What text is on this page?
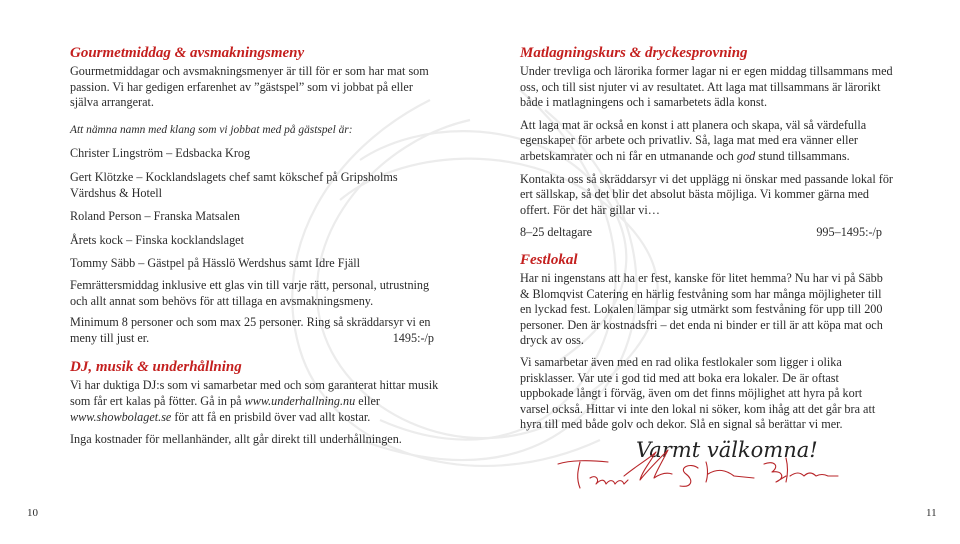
Gourmetmiddag & avsmakningsmeny

Gourmetmiddagar och avsmakningsmenyer är till för er som har mat som passion. Vi har gedigen erfarenhet av ”gästspel” som vi jobbat på eller själva arrangerat.

Att nämna namn med klang som vi jobbat med på gästspel är:

Christer Lingström – Edsbacka Krog

Gert Klötzke – Kocklandslagets chef samt kökschef på Gripsholms Värdshus & Hotell

Roland Person – Franska Matsalen

Årets kock – Finska kocklandslaget

Tommy Säbb – Gästpel på Hässlö Werdshus samt Idre Fjäll

Femrättersmiddag inklusive ett glas vin till varje rätt, personal, utrustning och allt annat som behövs för att tillaga en avsmakningsmeny.

Minimum 8 personer och som max 25 personer. Ring så skräddarsyr vi en meny till just er.	1495:-/p

DJ, musik & underhållning

Vi har duktiga DJ:s som vi samarbetar med och som garanterat hittar musik som får ert kalas på fötter. Gå in på www.underhallning.nu eller www.showbolaget.se för att få en prisbild över vad allt kostar.

Inga kostnader för mellanhänder, allt går direkt till underhållningen.

Matlagningskurs & dryckesprovning

Under trevliga och lärorika former lagar ni er egen middag tillsammans med oss, och till sist njuter vi av resultatet. Att laga mat tillsammans är lärorikt både i matlagningens och i samarbetets ädla konst.

Att laga mat är också en konst i att planera och skapa, väl så värdefulla egenskaper för arbete och privatliv. Så, laga mat med era vänner eller arbetskamrater och ni får en utmanande och god stund tillsammans.

Kontakta oss så skräddarsyr vi det upplägg ni önskar med passande lokal för ert sällskap, så det blir det absolut bästa möjliga. Vi kommer gärna med offert. För det här gillar vi…

8–25 deltagare	995–1495:-/p
Festlokal

Har ni ingenstans att ha er fest, kanske för litet hemma? Nu har vi på Säbb & Blomqvist Catering en härlig festvåning som har många möjligheter till en lyckad fest. Lokalen lämpar sig utmärkt som festvåning för upp till 200 personer. Den är kostnadsfri – det enda ni binder er till är att köpa mat och dryck av oss.

Vi samarbetar även med en rad olika festlokaler som ligger i olika prisklasser. Var ute i god tid med att boka era lokaler. De är oftast uppbokade långt i förväg, även om det finns möjlighet att hyra på kort varsel också. Hittar vi inte den lokal ni söker, kom ihåg att det går bra att hyra till med både golv och dekor. Slå en signal så berättar vi mer.

Varmt välkomna!

10	11
